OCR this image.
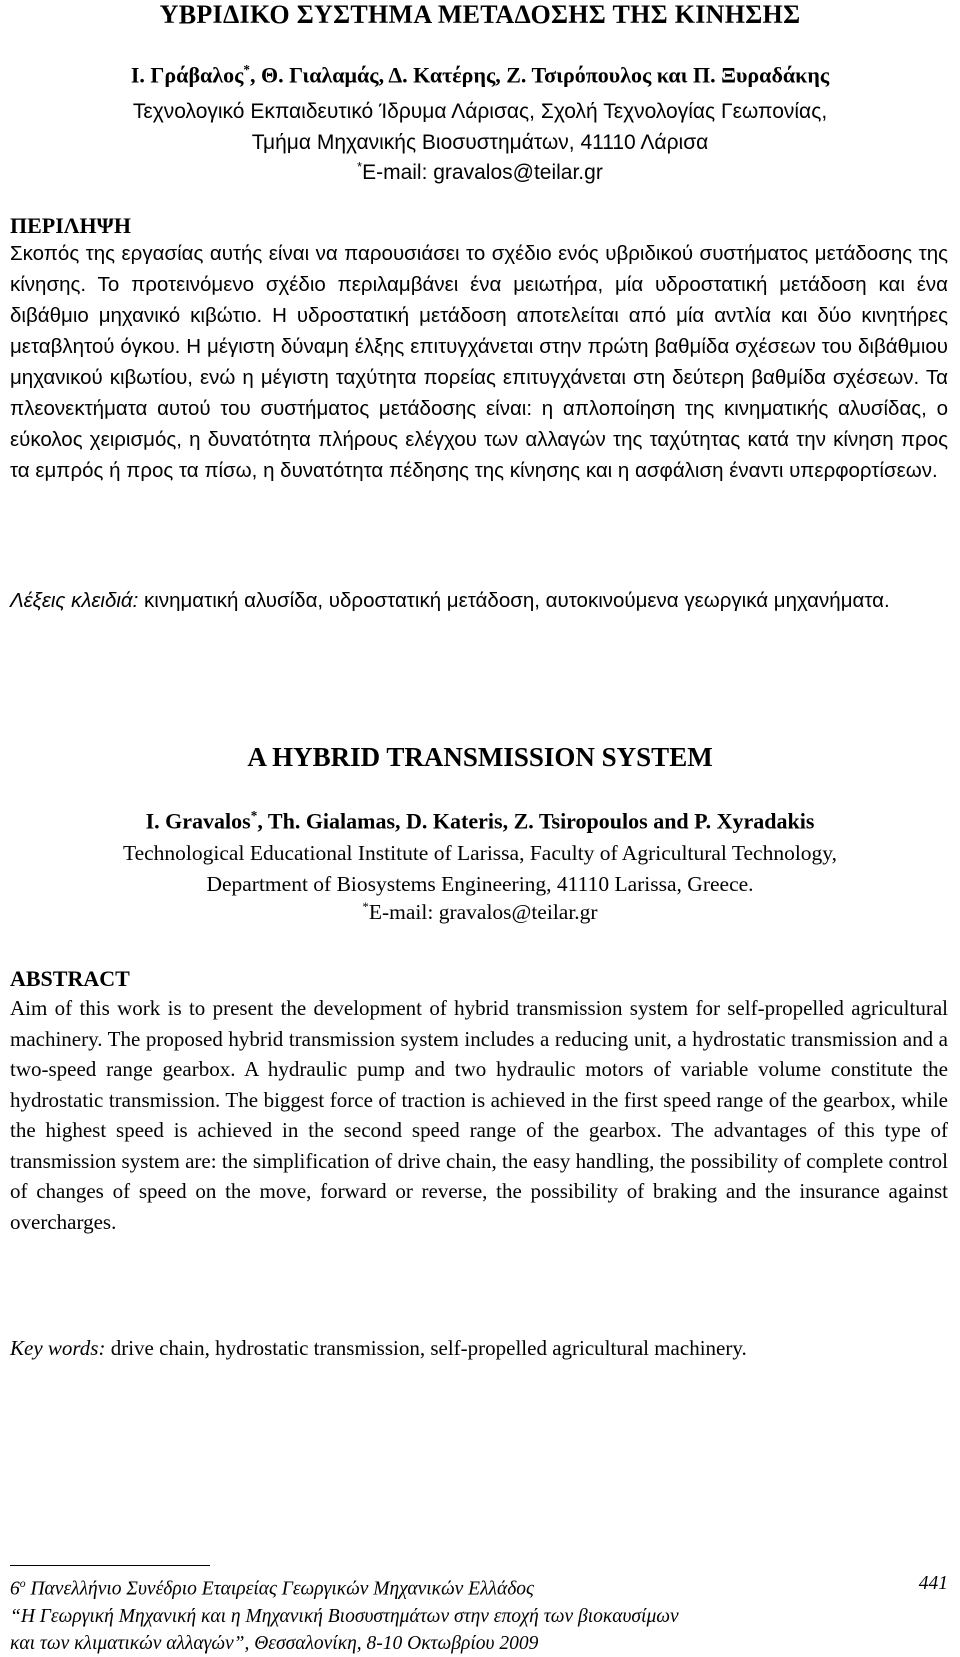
ΥΒΡΙΔΙΚΟ ΣΥΣΤΗΜΑ ΜΕΤΑΔΟΣΗΣ ΤΗΣ ΚΙΝΗΣΗΣ
Ι. Γράβαλος*, Θ. Γιαλαμάς, Δ. Κατέρης, Ζ. Τσιρόπουλος και Π. Ξυραδάκης
Τεχνολογικό Εκπαιδευτικό Ίδρυμα Λάρισας, Σχολή Τεχνολογίας Γεωπονίας,
Τμήμα Μηχανικής Βιοσυστημάτων, 41110 Λάρισα
*E-mail: gravalos@teilar.gr
ΠΕΡΙΛΗΨΗ
Σκοπός της εργασίας αυτής είναι να παρουσιάσει το σχέδιο ενός υβριδικού συστήματος μετάδοσης της κίνησης. Το προτεινόμενο σχέδιο περιλαμβάνει ένα μειωτήρα, μία υδροστατική μετάδοση και ένα διβάθμιο μηχανικό κιβώτιο. Η υδροστατική μετάδοση αποτελείται από μία αντλία και δύο κινητήρες μεταβλητού όγκου. Η μέγιστη δύναμη έλξης επιτυγχάνεται στην πρώτη βαθμίδα σχέσεων του διβάθμιου μηχανικού κιβωτίου, ενώ η μέγιστη ταχύτητα πορείας επιτυγχάνεται στη δεύτερη βαθμίδα σχέσεων. Τα πλεονεκτήματα αυτού του συστήματος μετάδοσης είναι: η απλοποίηση της κινηματικής αλυσίδας, ο εύκολος χειρισμός, η δυνατότητα πλήρους ελέγχου των αλλαγών της ταχύτητας κατά την κίνηση προς τα εμπρός ή προς τα πίσω, η δυνατότητα πέδησης της κίνησης και η ασφάλιση έναντι υπερφορτίσεων.
Λέξεις κλειδιά: κινηματική αλυσίδα, υδροστατική μετάδοση, αυτοκινούμενα γεωργικά μηχανήματα.
A HYBRID TRANSMISSION SYSTEM
I. Gravalos*, Th. Gialamas, D. Kateris, Z. Tsiropoulos and P. Xyradakis
Technological Educational Institute of Larissa, Faculty of Agricultural Technology,
Department of Biosystems Engineering, 41110 Larissa, Greece.
*E-mail: gravalos@teilar.gr
ABSTRACT
Aim of this work is to present the development of hybrid transmission system for self-propelled agricultural machinery. The proposed hybrid transmission system includes a reducing unit, a hydrostatic transmission and a two-speed range gearbox. A hydraulic pump and two hydraulic motors of variable volume constitute the hydrostatic transmission. The biggest force of traction is achieved in the first speed range of the gearbox, while the highest speed is achieved in the second speed range of the gearbox. The advantages of this type of transmission system are: the simplification of drive chain, the easy handling, the possibility of complete control of changes of speed on the move, forward or reverse, the possibility of braking and the insurance against overcharges.
Key words: drive chain, hydrostatic transmission, self-propelled agricultural machinery.
$6^o$ Πανελλήνιο Συνέδριο Εταιρείας Γεωργικών Μηχανικών Ελλάδος	441
“Η Γεωργική Μηχανική και η Μηχανική Βιοσυστημάτων στην εποχή των βιοκαυσίμων
και των κλιματικών αλλαγών”, Θεσσαλονίκη, 8-10 Οκτωβρίου 2009
